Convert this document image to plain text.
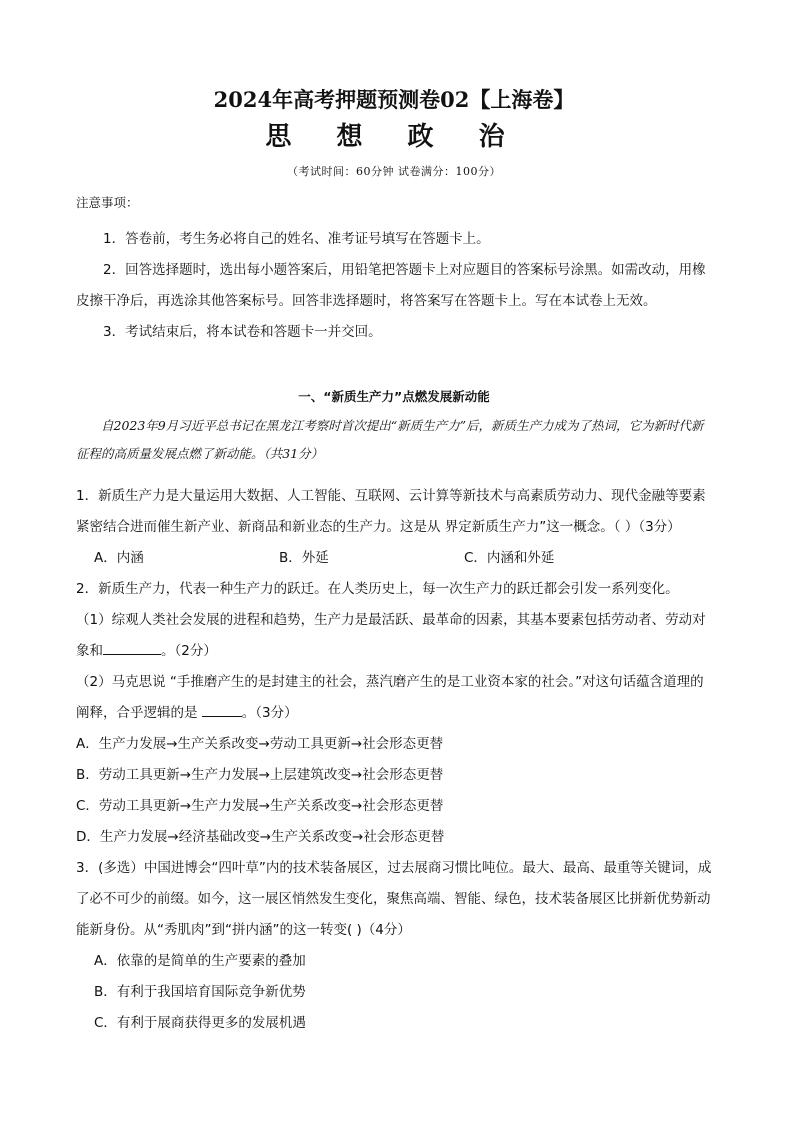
2024年高考押题预测卷02【上海卷】
思 想 政 治
（考试时间：60分钟 试卷满分：100分）
注意事项：

1．答卷前，考生务必将自己的姓名、准考证号填写在答题卡上。

2．回答选择题时，选出每小题答案后，用铅笔把答题卡上对应题目的答案标号涂黑。如需改动，用橡皮擦干净后，再选涂其他答案标号。回答非选择题时，将答案写在答题卡上。写在本试卷上无效。

3．考试结束后，将本试卷和答题卡一并交回。

一、“新质生产力”点燃发展新动能

自2023年9月习近平总书记在黑龙江考察时首次提出“新质生产力”后，新质生产力成为了热词，它为新时代新征程的高质量发展点燃了新动能。（共31分）

1．新质生产力是大量运用大数据、人工智能、互联网、云计算等新技术与高素质劳动力、现代金融等要素紧密结合进而催生新产业、新商品和新业态的生产力。这是从 界定新质生产力”这一概念。（ ）（3分）

A．内涵	B．外延	C．内涵和外延

2．新质生产力，代表一种生产力的跃迁。在人类历史上，每一次生产力的跃迁都会引发一系列变化。

（1）综观人类社会发展的进程和趋势，生产力是最活跃、最革命的因素，其基本要素包括劳动者、劳动对象和	。（2分）

（2）马克思说 “手推磨产生的是封建主的社会，蒸汽磨产生的是工业资本家的社会。”对这句话蕴含道理的阐释，合乎逻辑的是	。（3分）

A．生产力发展→生产关系改变→劳动工具更新→社会形态更替

B．劳动工具更新→生产力发展→上层建筑改变→社会形态更替

C．劳动工具更新→生产力发展→生产关系改变→社会形态更替

D．生产力发展→经济基础改变→生产关系改变→社会形态更替

3．(多选）中国进博会“四叶草”内的技术装备展区，过去展商习惯比吨位。最大、最高、最重等关键词，成了必不可少的前缀。如今，这一展区悄然发生变化，聚焦高端、智能、绿色，技术装备展区比拼新优势新动能新身份。从“秀肌肉”到“拼内涵”的这一转变( )（4分）

A．依靠的是简单的生产要素的叠加

B．有利于我国培育国际竞争新优势

C．有利于展商获得更多的发展机遇
